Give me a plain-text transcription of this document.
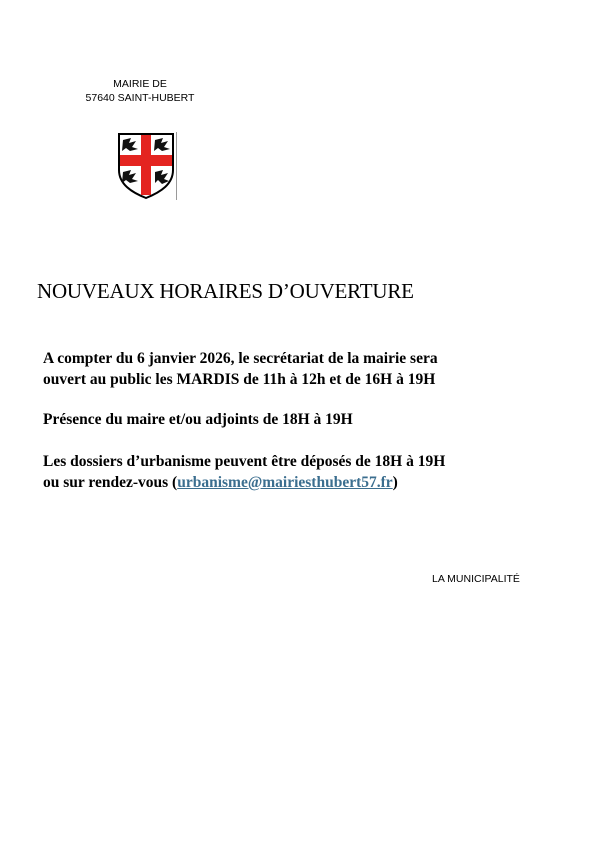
MAIRIE DE
57640 SAINT-HUBERT
NOUVEAUX HORAIRES D’OUVERTURE
A compter du 6 janvier 2026, le secrétariat de la mairie sera
ouvert au public les MARDIS de 11h à 12h et de 16H à 19H
Présence du maire et/ou adjoints de 18H à 19H
Les dossiers d’urbanisme peuvent être déposés de 18H à 19H
ou sur rendez-vous (urbanisme@mairiesthubert57.fr)
LA MUNICIPALITÉ
